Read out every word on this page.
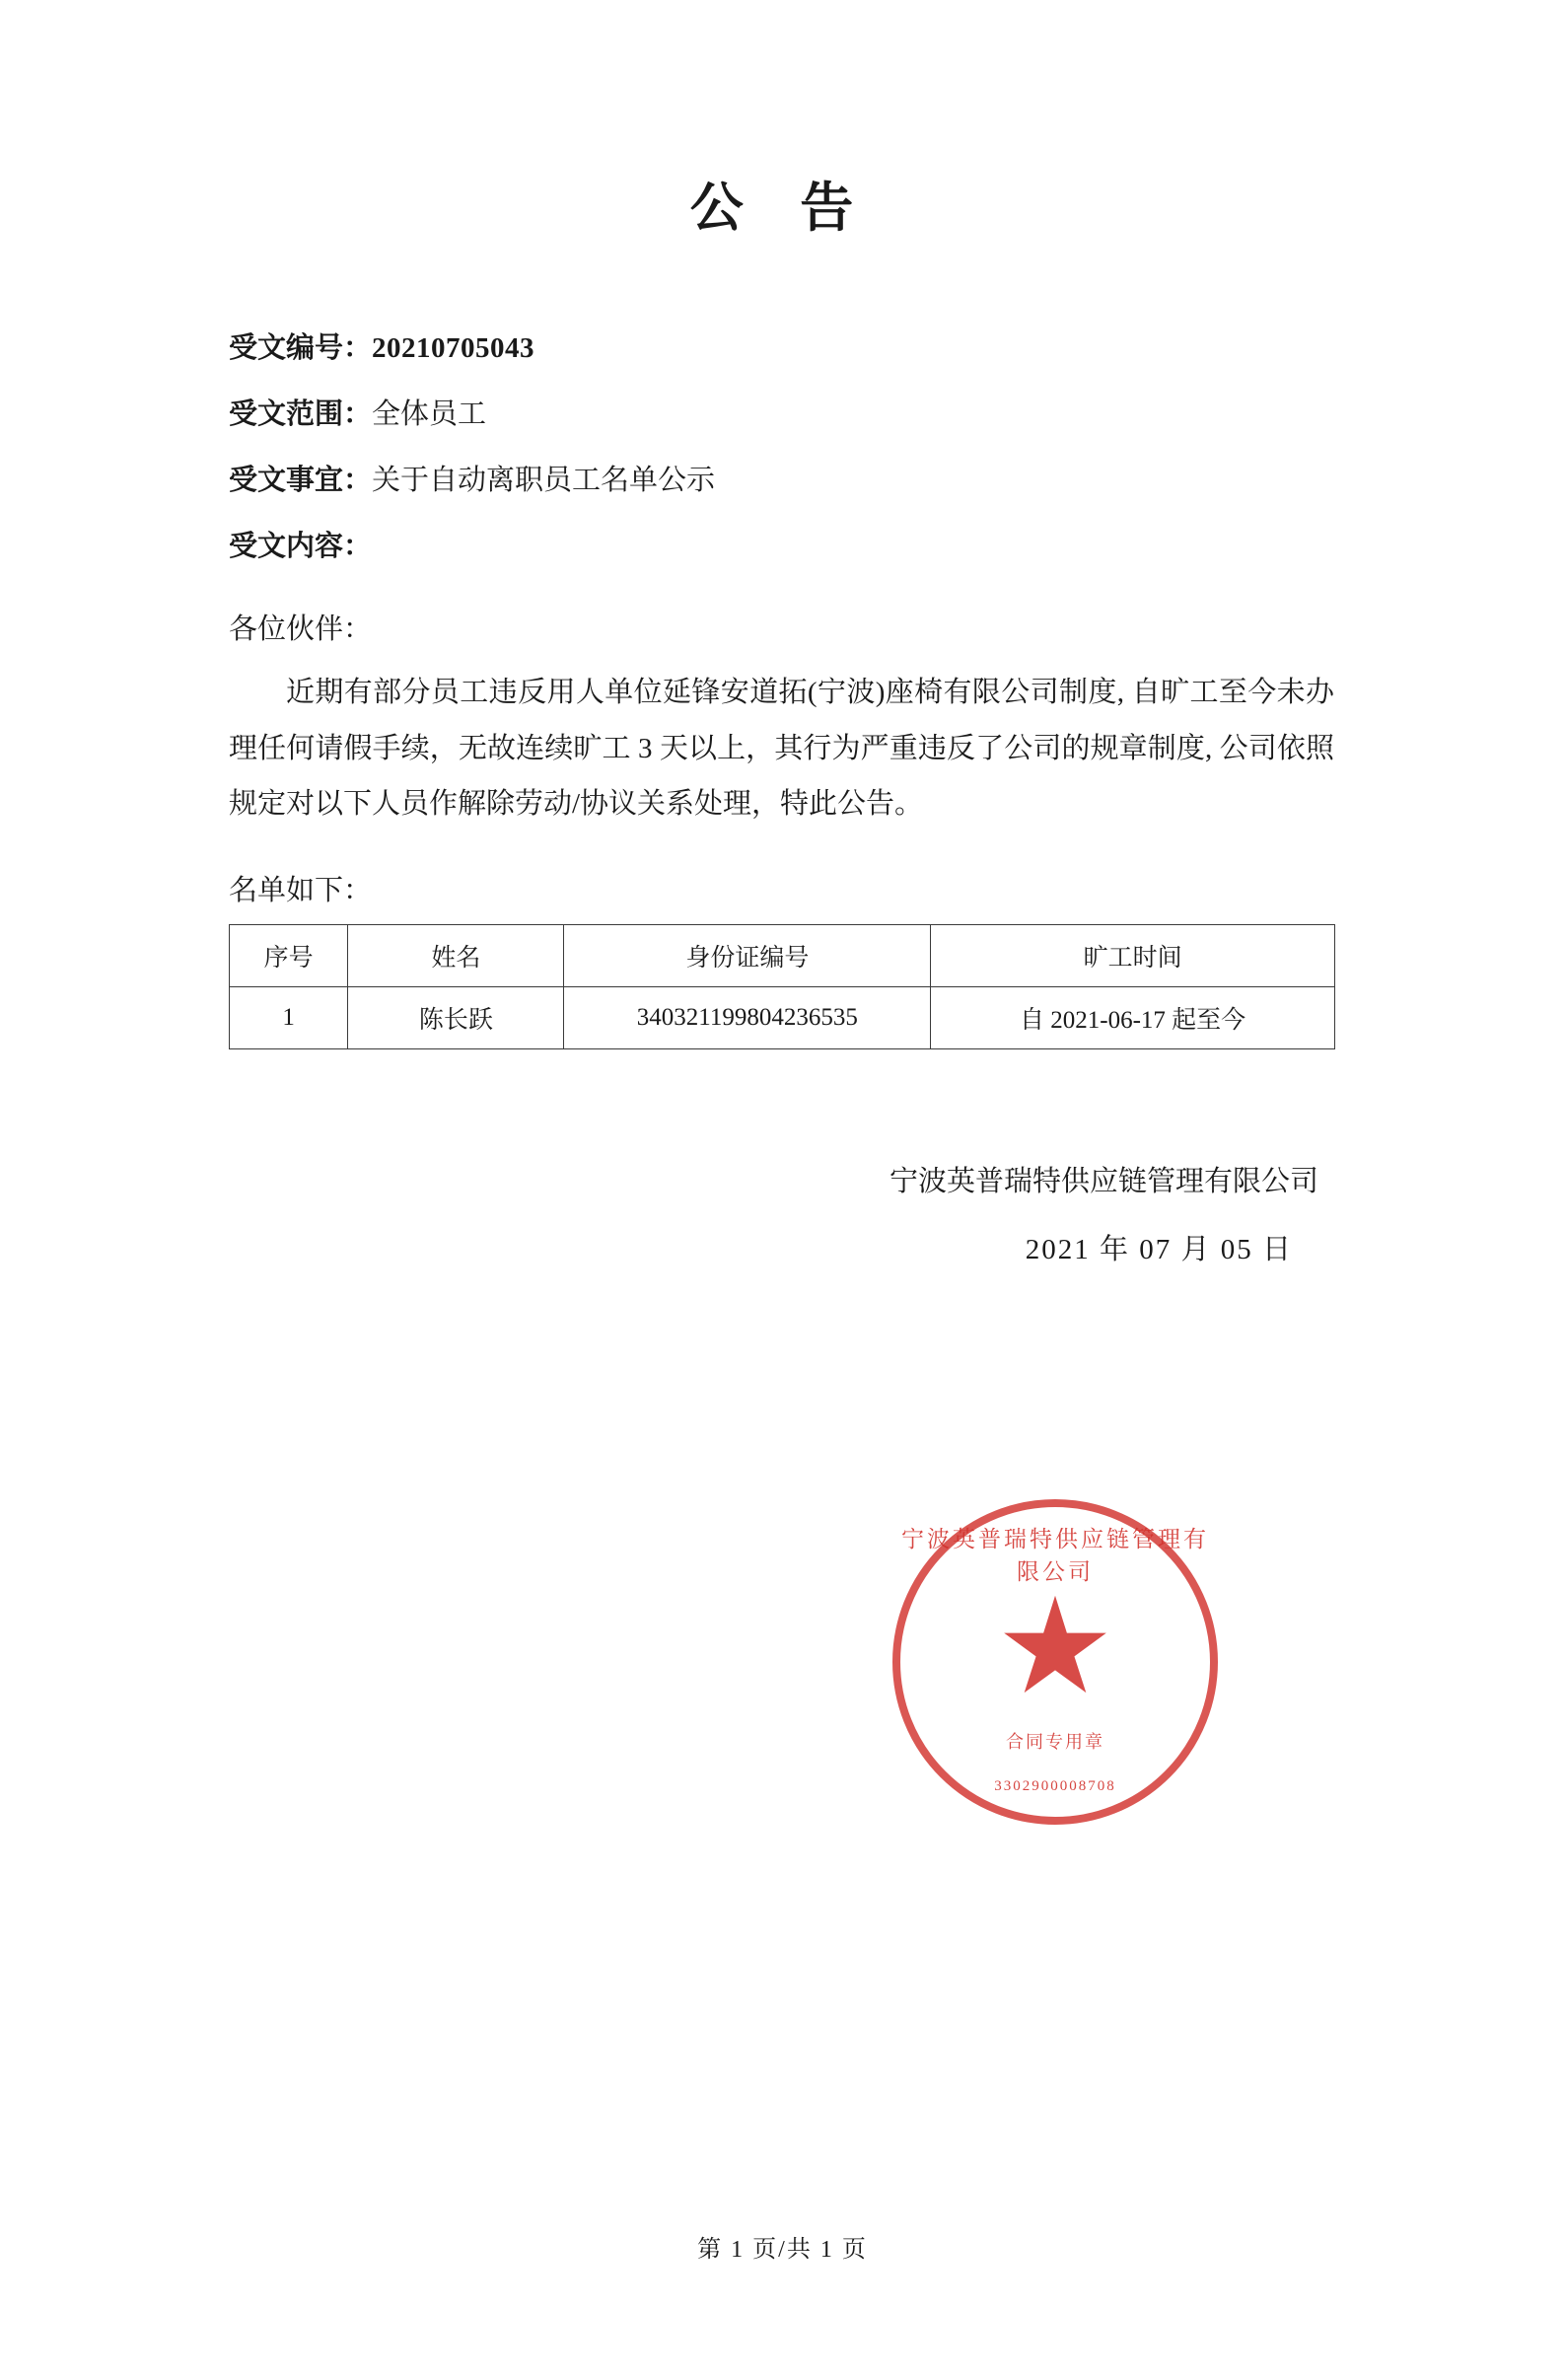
公 告
受文编号：20210705043
受文范围：全体员工
受文事宜：关于自动离职员工名单公示
受文内容：
各位伙伴：

近期有部分员工违反用人单位延锋安道拓(宁波)座椅有限公司制度, 自旷工至今未办理任何请假手续，无故连续旷工 3 天以上，其行为严重违反了公司的规章制度, 公司依照规定对以下人员作解除劳动/协议关系处理，特此公告。

名单如下：
序号	姓名	身份证编号	旷工时间
1	陈长跃	340321199804236535	自 2021-06-17 起至今
宁波英普瑞特供应链管理有限公司
2021 年 07 月 05 日
宁波英普瑞特供应链管理有限公司
合同专用章
3302900008708
第 1 页/共 1 页
